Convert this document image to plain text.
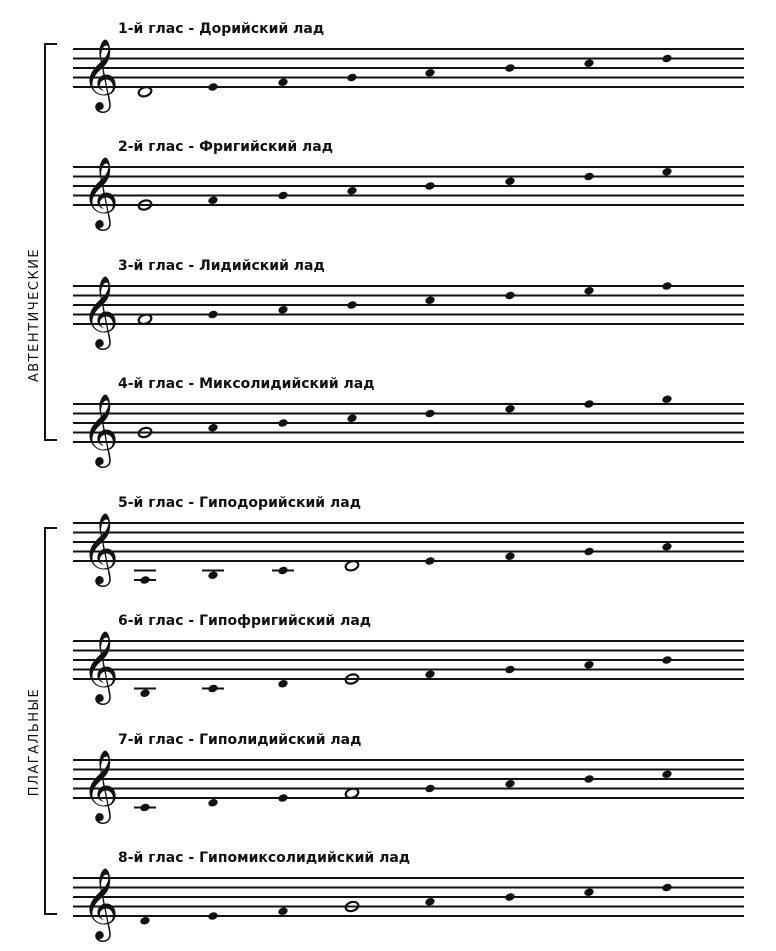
1-й глас - Дорийский лад
𝄞
2-й глас - Фригийский лад
𝄞
3-й глас - Лидийский лад
𝄞
4-й глас - Миксолидийский лад
𝄞
5-й глас - Гиподорийский лад
𝄞
6-й глас - Гипофригийский лад
𝄞
7-й глас - Гиполидийский лад
𝄞
8-й глас - Гипомиксолидийский лад
𝄞
АВТЕНТИЧЕСКИЕ
ПЛАГАЛЬНЫЕ
